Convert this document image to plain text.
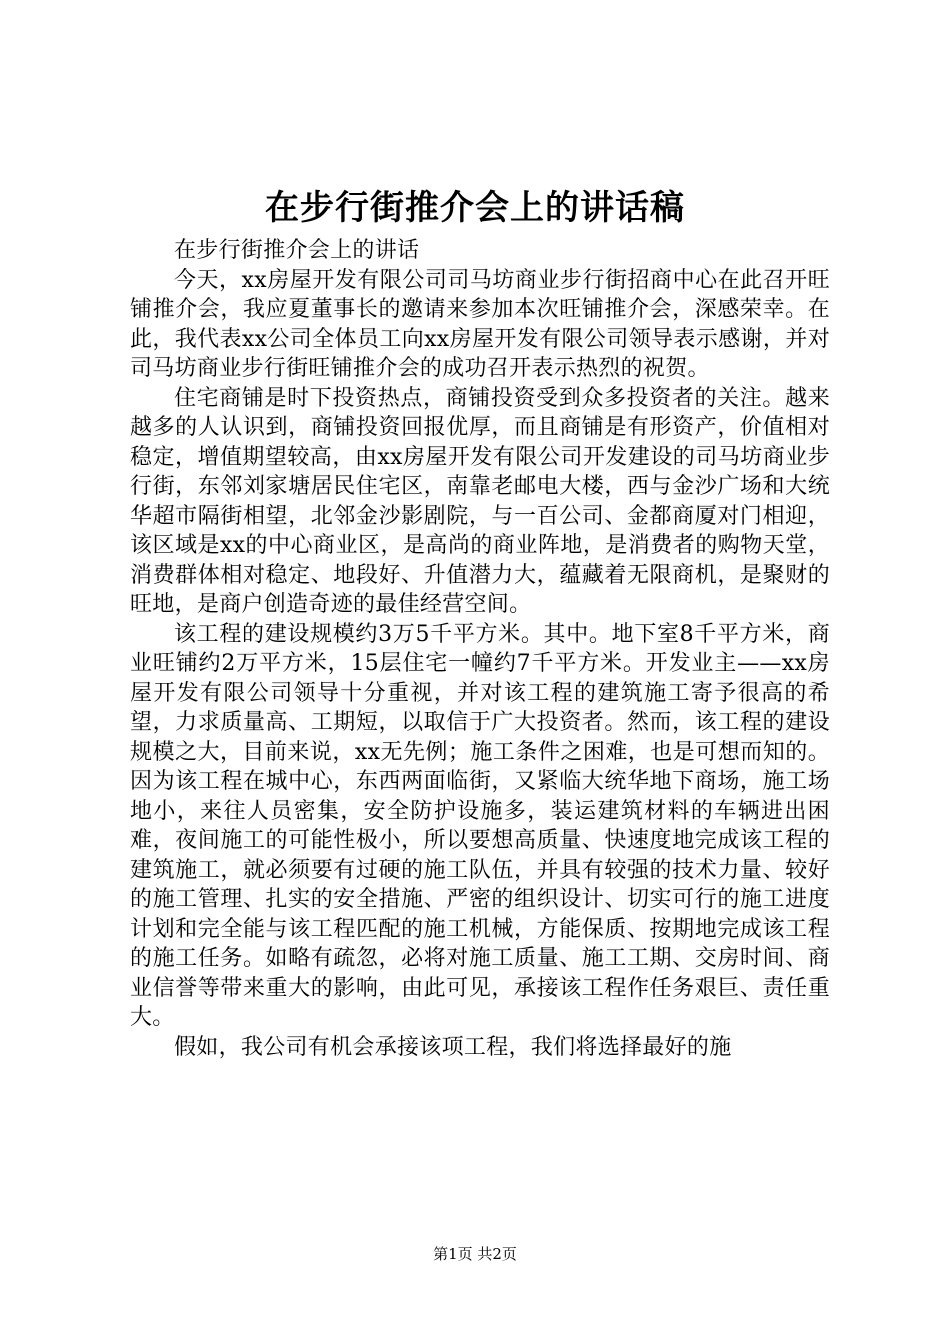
在步行街推介会上的讲话稿

在步行街推介会上的讲话

今天，xx房屋开发有限公司司马坊商业步行街招商中心在此召开旺铺推介会，我应夏董事长的邀请来参加本次旺铺推介会，深感荣幸。在此，我代表xx公司全体员工向xx房屋开发有限公司领导表示感谢，并对司马坊商业步行街旺铺推介会的成功召开表示热烈的祝贺。

住宅商铺是时下投资热点，商铺投资受到众多投资者的关注。越来越多的人认识到，商铺投资回报优厚，而且商铺是有形资产，价值相对稳定，增值期望较高，由xx房屋开发有限公司开发建设的司马坊商业步行街，东邻刘家塘居民住宅区，南靠老邮电大楼，西与金沙广场和大统华超市隔街相望，北邻金沙影剧院，与一百公司、金都商厦对门相迎，该区域是xx的中心商业区，是高尚的商业阵地，是消费者的购物天堂，消费群体相对稳定、地段好、升值潜力大，蕴藏着无限商机，是聚财的旺地，是商户创造奇迹的最佳经营空间。

该工程的建设规模约3万5千平方米。其中。地下室8千平方米，商业旺铺约2万平方米，15层住宅一幢约7千平方米。开发业主——xx房屋开发有限公司领导十分重视，并对该工程的建筑施工寄予很高的希望，力求质量高、工期短，以取信于广大投资者。然而，该工程的建设规模之大，目前来说，xx无先例；施工条件之困难，也是可想而知的。因为该工程在城中心，东西两面临街，又紧临大统华地下商场，施工场地小，来往人员密集，安全防护设施多，装运建筑材料的车辆进出困难，夜间施工的可能性极小，所以要想高质量、快速度地完成该工程的建筑施工，就必须要有过硬的施工队伍，并具有较强的技术力量、较好的施工管理、扎实的安全措施、严密的组织设计、切实可行的施工进度计划和完全能与该工程匹配的施工机械，方能保质、按期地完成该工程的施工任务。如略有疏忽，必将对施工质量、施工工期、交房时间、商业信誉等带来重大的影响，由此可见，承接该工程作任务艰巨、责任重大。

假如，我公司有机会承接该项工程，我们将选择最好的施

第1页 共2页
